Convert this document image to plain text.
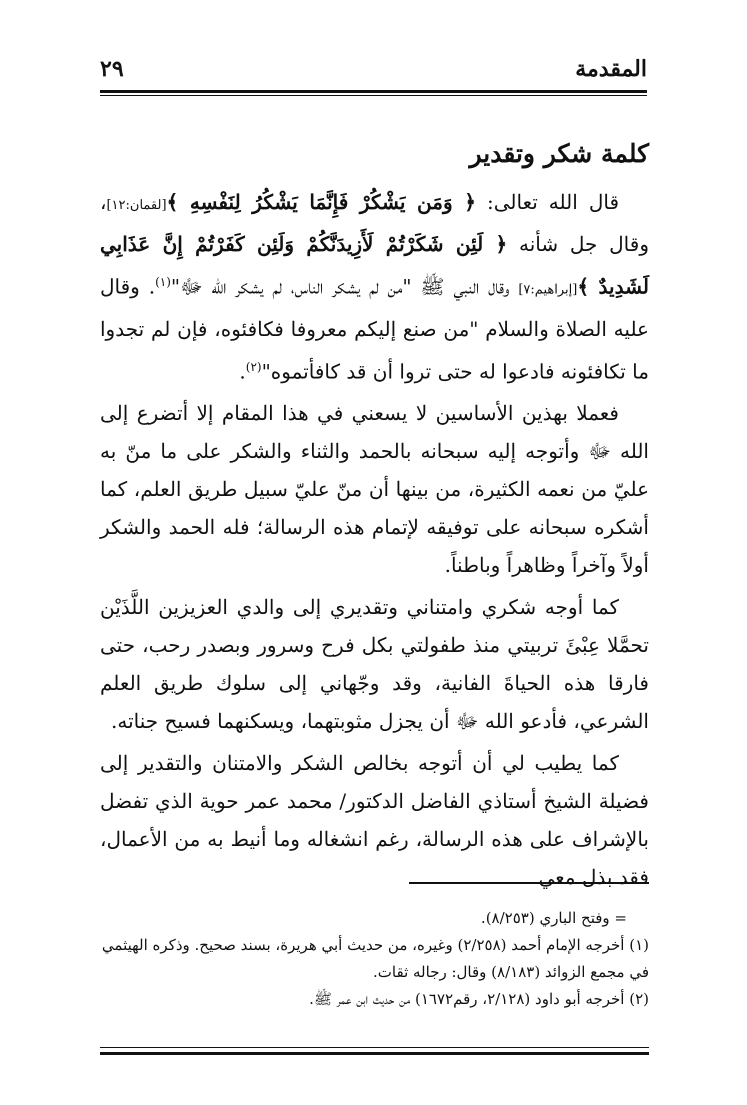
المقدمة
٢٩
كلمة شكر وتقدير

قال الله تعالى: ﴿ وَمَن يَشْكُرْ فَإِنَّمَا يَشْكُرُ لِنَفْسِهِ ﴾[لقمان:١٢]، وقال جل شأنه ﴿ لَئِن شَكَرْتُمْ لَأَزِيدَنَّكُمْ وَلَئِن كَفَرْتُمْ إِنَّ عَذَابِي لَشَدِيدٌ ﴾[إبراهيم:٧] وقال النبي ﷺ "من لم يشكر الناس، لم يشكر الله ﷻ"$^{(١)}$. وقال عليه الصلاة والسلام "من صنع إليكم معروفا فكافئوه، فإن لم تجدوا ما تكافئونه فادعوا له حتى تروا أن قد كافأتموه"$^{(٢)}$.

فعملا بهذين الأساسين لا يسعني في هذا المقام إلا أتضرع إلى الله ﷻ وأتوجه إليه سبحانه بالحمد والثناء والشكر على ما منّ به عليّ من نعمه الكثيرة، من بينها أن منّ عليّ سبيل طريق العلم، كما أشكره سبحانه على توفيقه لإتمام هذه الرسالة؛ فله الحمد والشكر أولاً وآخراً وظاهراً وباطناً.

كما أوجه شكري وامتناني وتقديري إلى والدي العزيزين اللَّذَيْن تحمَّلا عِبْئَ تربيتي منذ طفولتي بكل فرح وسرور وبصدر رحب، حتى فارقا هذه الحياةَ الفانية، وقد وجّهاني إلى سلوك طريق العلم الشرعي، فأدعو الله ﷻ أن يجزل مثوبتهما، ويسكنهما فسيح جناته.

كما يطيب لي أن أتوجه بخالص الشكر والامتنان والتقدير إلى فضيلة الشيخ أستاذي الفاضل الدكتور/ محمد عمر حوية الذي تفضل بالإشراف على هذه الرسالة، رغم انشغاله وما أنيط به من الأعمال، فقد بذل معي

= وفتح الباري (٨/٢٥٣).

(١) أخرجه الإمام أحمد (٢/٢٥٨) وغيره، من حديث أبي هريرة، بسند صحيح. وذكره الهيثمي في مجمع الزوائد (٨/١٨٣) وقال: رجاله ثقات.

(٢) أخرجه أبو داود (٢/١٢٨، رقم١٦٧٢) من حديث ابن عمر ﷺ.
